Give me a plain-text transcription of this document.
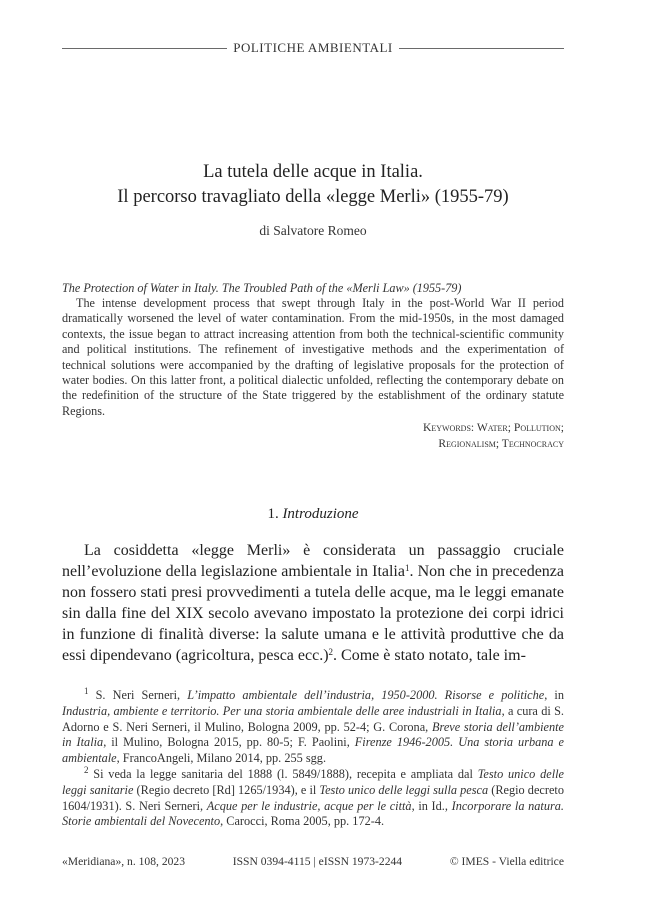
POLITICHE AMBIENTALI
La tutela delle acque in Italia.
Il percorso travagliato della «legge Merli» (1955-79)
di Salvatore Romeo
The Protection of Water in Italy. The Troubled Path of the «Merli Law» (1955-79)

The intense development process that swept through Italy in the post-World War II period dramatically worsened the level of water contamination. From the mid-1950s, in the most damaged contexts, the issue began to attract increasing attention from both the technical-scientific community and political institutions. The refinement of investigative methods and the experimentation of technical solutions were accompanied by the drafting of legislative proposals for the protection of water bodies. On this latter front, a political dialectic unfolded, reflecting the contemporary debate on the redefinition of the structure of the State triggered by the establishment of the ordinary statute Regions.

Keywords: Water; Pollution;
Regionalism; Technocracy
1. Introduzione

La cosiddetta «legge Merli» è considerata un passaggio cruciale nell’evoluzione della legislazione ambientale in Italia$^1$. Non che in precedenza non fossero stati presi provvedimenti a tutela delle acque, ma le leggi emanate sin dalla fine del XIX secolo avevano impostato la protezione dei corpi idrici in funzione di finalità diverse: la salute umana e le attività produttive che da essi dipendevano (agricoltura, pesca ecc.)$^2$. Come è stato notato, tale im-

$^1$ S. Neri Serneri, L’impatto ambientale dell’industria, 1950-2000. Risorse e politiche, in Industria, ambiente e territorio. Per una storia ambientale delle aree industriali in Italia, a cura di S. Adorno e S. Neri Serneri, il Mulino, Bologna 2009, pp. 52-4; G. Corona, Breve storia dell’ambiente in Italia, il Mulino, Bologna 2015, pp. 80-5; F. Paolini, Firenze 1946-2005. Una storia urbana e ambientale, FrancoAngeli, Milano 2014, pp. 255 sgg.

$^2$ Si veda la legge sanitaria del 1888 (l. 5849/1888), recepita e ampliata dal Testo unico delle leggi sanitarie (Regio decreto [Rd] 1265/1934), e il Testo unico delle leggi sulla pesca (Regio decreto 1604/1931). S. Neri Serneri, Acque per le industrie, acque per le città, in Id., Incorporare la natura. Storie ambientali del Novecento, Carocci, Roma 2005, pp. 172-4.

«Meridiana», n. 108, 2023	ISSN 0394-4115 | eISSN 1973-2244	© IMES - Viella editrice
